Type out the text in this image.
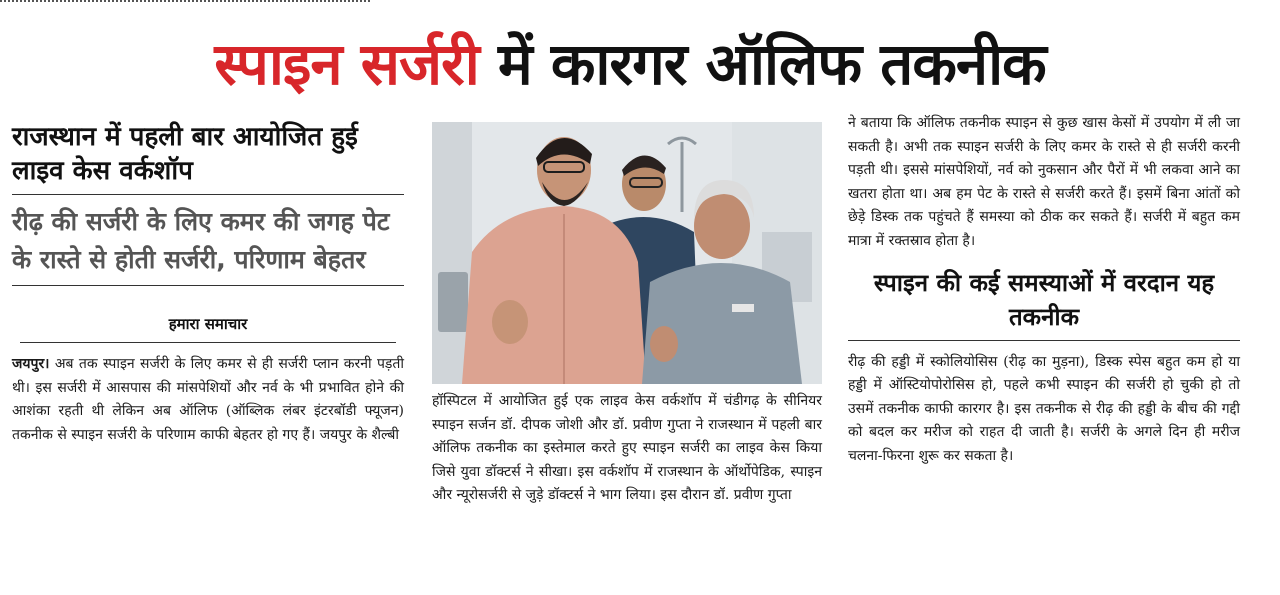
स्पाइन सर्जरी में कारगर ऑलिफ तकनीक
राजस्थान में पहली बार आयोजित हुई लाइव केस वर्कशॉप
रीढ़ की सर्जरी के लिए कमर की जगह पेट के रास्ते से होती सर्जरी, परिणाम बेहतर
हमारा समाचार
जयपुर। अब तक स्पाइन सर्जरी के लिए कमर से ही सर्जरी प्लान करनी पड़ती थी। इस सर्जरी में आसपास की मांसपेशियों और नर्व के भी प्रभावित होने की आशंका रहती थी लेकिन अब ऑलिफ (ऑब्लिक लंबर इंटरबॉडी फ्यूजन) तकनीक से स्पाइन सर्जरी के परिणाम काफी बेहतर हो गए हैं। जयपुर के शैल्बी
हॉस्पिटल में आयोजित हुई एक लाइव केस वर्कशॉप में चंडीगढ़ के सीनियर स्पाइन सर्जन डॉ. दीपक जोशी और डॉ. प्रवीण गुप्ता ने राजस्थान में पहली बार ऑलिफ तकनीक का इस्तेमाल करते हुए स्पाइन सर्जरी का लाइव केस किया जिसे युवा डॉक्टर्स ने सीखा। इस वर्कशॉप में राजस्थान के ऑर्थोपेडिक, स्पाइन और न्यूरोसर्जरी से जुड़े डॉक्टर्स ने भाग लिया। इस दौरान डॉ. प्रवीण गुप्ता
ने बताया कि ऑलिफ तकनीक स्पाइन से कुछ खास केसों में उपयोग में ली जा सकती है। अभी तक स्पाइन सर्जरी के लिए कमर के रास्ते से ही सर्जरी करनी पड़ती थी। इससे मांसपेशियों, नर्व को नुकसान और पैरों में भी लकवा आने का खतरा होता था। अब हम पेट के रास्ते से सर्जरी करते हैं। इसमें बिना आंतों को छेड़े डिस्क तक पहुंचते हैं समस्या को ठीक कर सकते हैं। सर्जरी में बहुत कम मात्रा में रक्तस्राव होता है।
स्पाइन की कई समस्याओं में वरदान यह तकनीक
रीढ़ की हड्डी में स्कोलियोसिस (रीढ़ का मुड़ना), डिस्क स्पेस बहुत कम हो या हड्डी में ऑस्टियोपोरोसिस हो, पहले कभी स्पाइन की सर्जरी हो चुकी हो तो उसमें तकनीक काफी कारगर है। इस तकनीक से रीढ़ की हड्डी के बीच की गद्दी को बदल कर मरीज को राहत दी जाती है। सर्जरी के अगले दिन ही मरीज चलना-फिरना शुरू कर सकता है।
